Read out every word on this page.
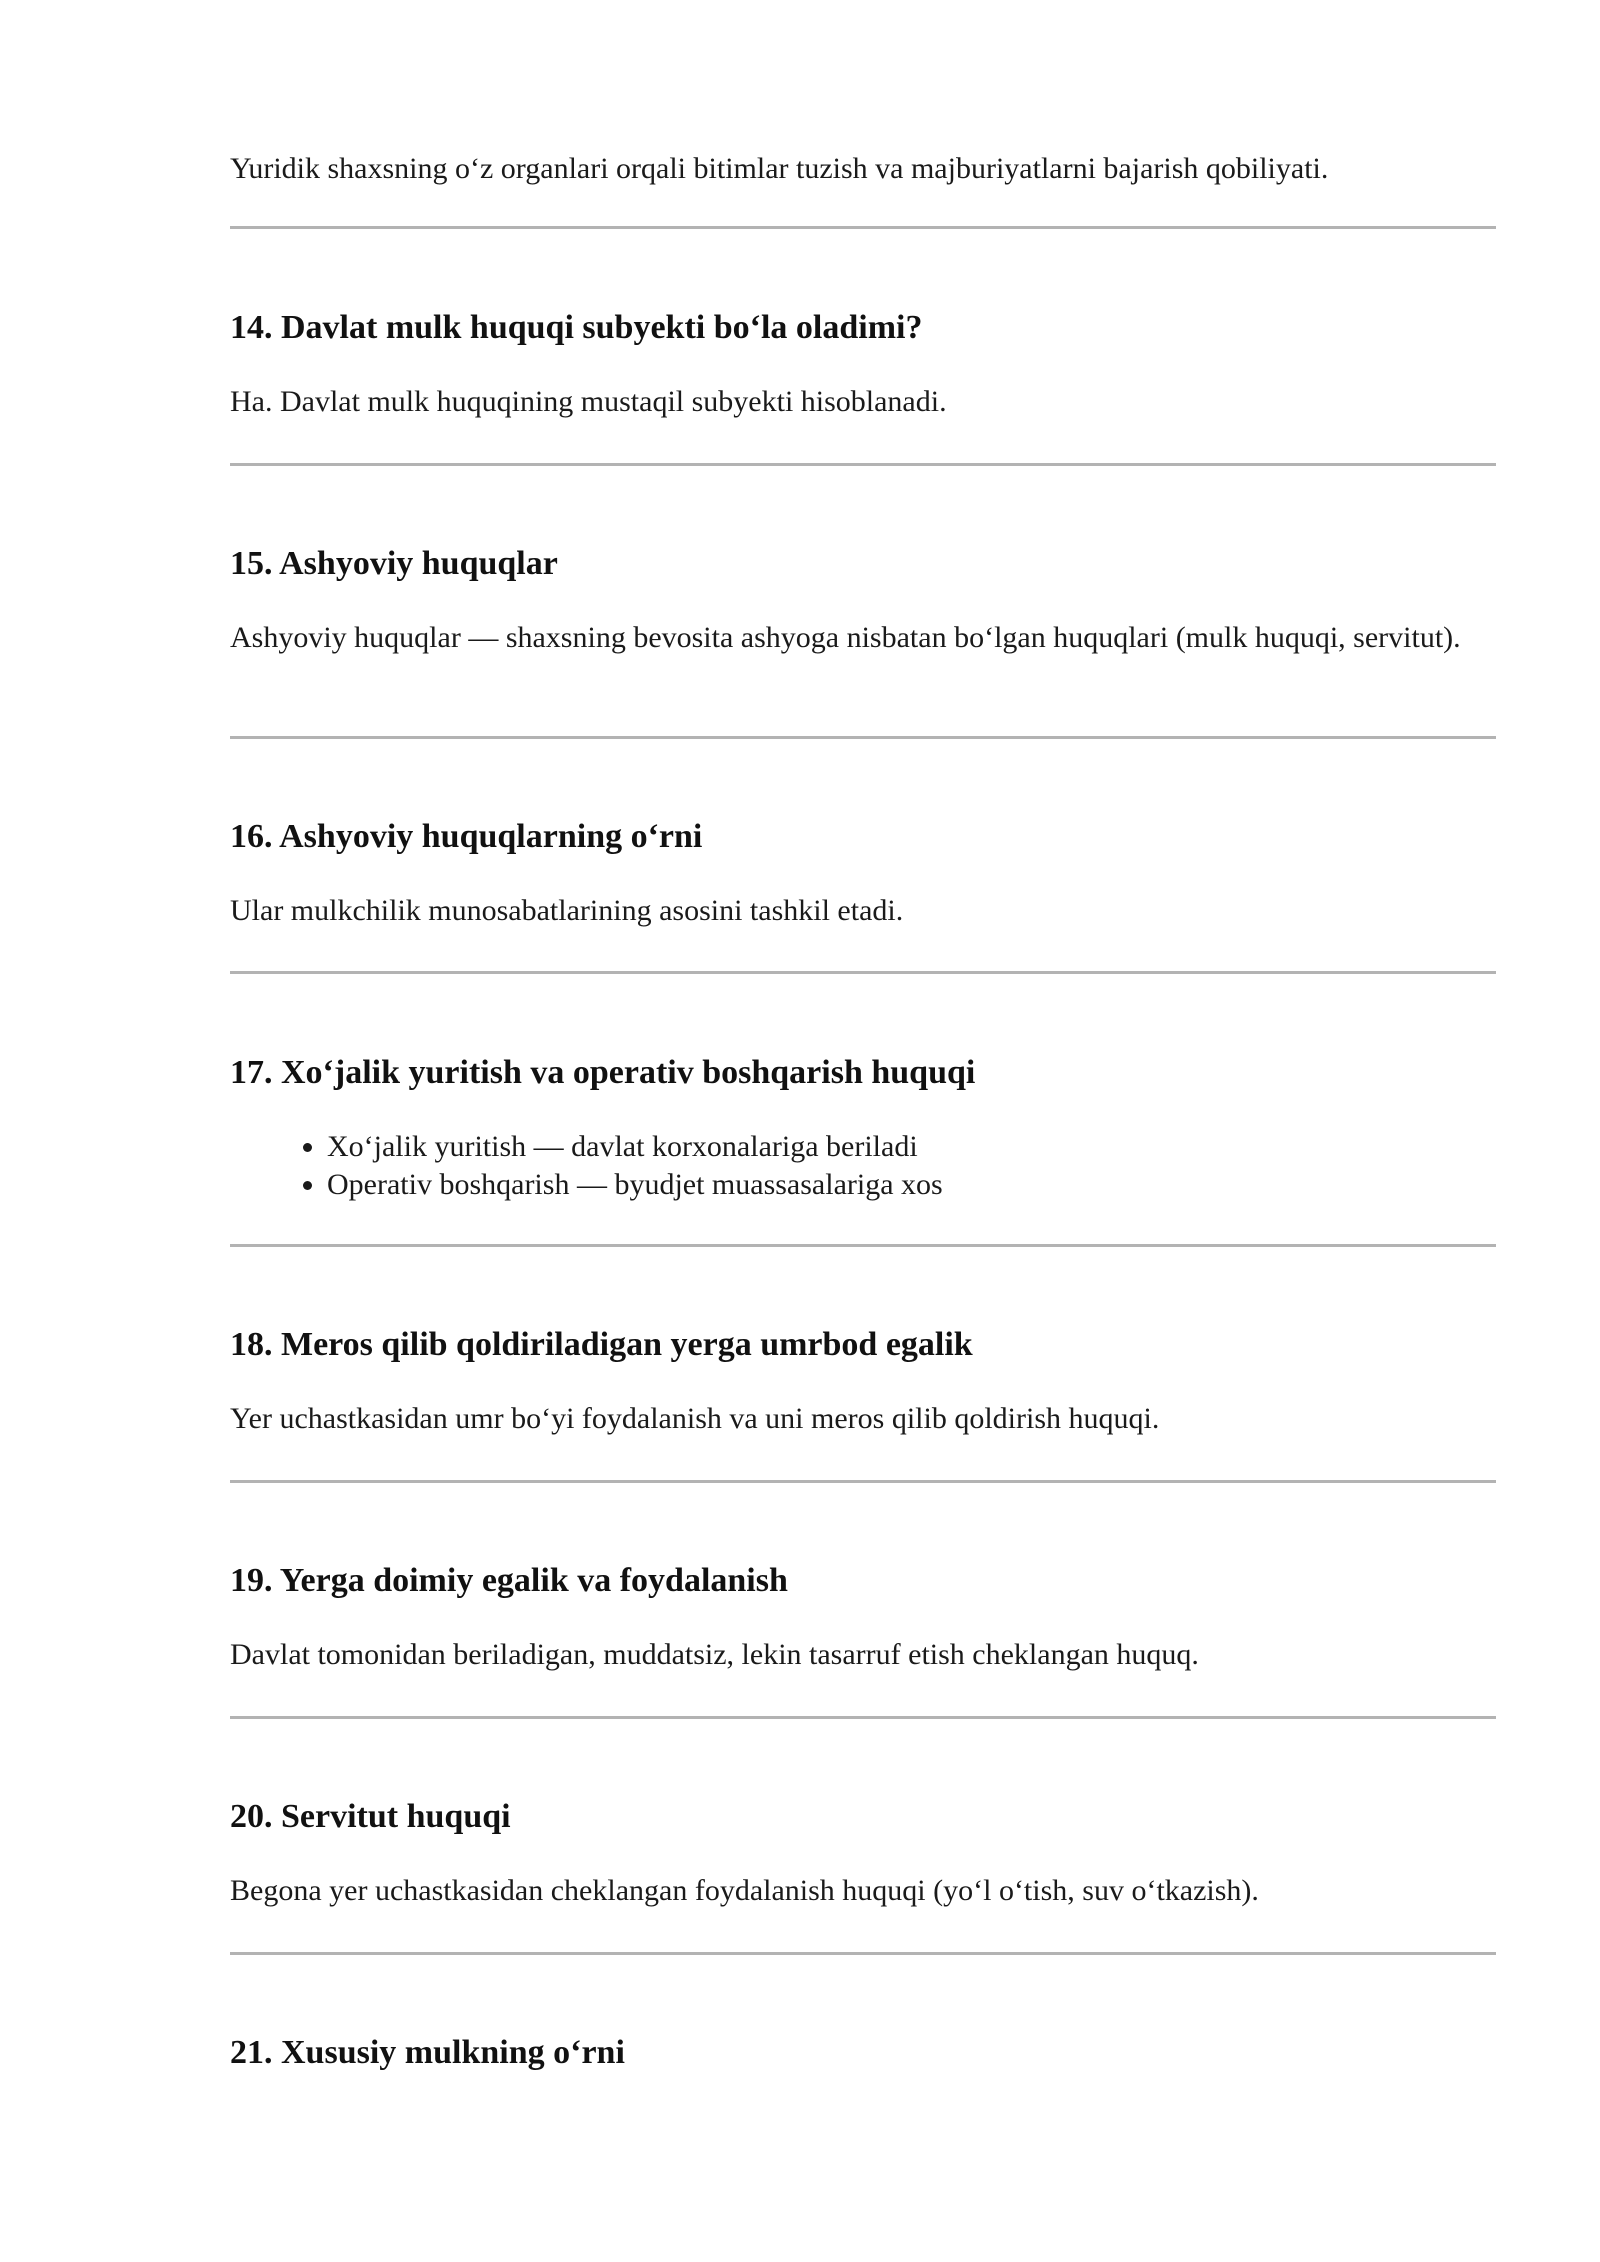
Yuridik shaxsning o‘z organlari orqali bitimlar tuzish va majburiyatlarni bajarish qobiliyati.

14. Davlat mulk huquqi subyekti bo‘la oladimi?

Ha. Davlat mulk huquqining mustaqil subyekti hisoblanadi.

15. Ashyoviy huquqlar

Ashyoviy huquqlar — shaxsning bevosita ashyoga nisbatan bo‘lgan huquqlari (mulk huquqi, servitut).

16. Ashyoviy huquqlarning o‘rni

Ular mulkchilik munosabatlarining asosini tashkil etadi.

17. Xo‘jalik yuritish va operativ boshqarish huquqi
• Xo‘jalik yuritish — davlat korxonalariga beriladi
• Operativ boshqarish — byudjet muassasalariga xos
18. Meros qilib qoldiriladigan yerga umrbod egalik

Yer uchastkasidan umr bo‘yi foydalanish va uni meros qilib qoldirish huquqi.

19. Yerga doimiy egalik va foydalanish

Davlat tomonidan beriladigan, muddatsiz, lekin tasarruf etish cheklangan huquq.

20. Servitut huquqi

Begona yer uchastkasidan cheklangan foydalanish huquqi (yo‘l o‘tish, suv o‘tkazish).

21. Xususiy mulkning o‘rni
